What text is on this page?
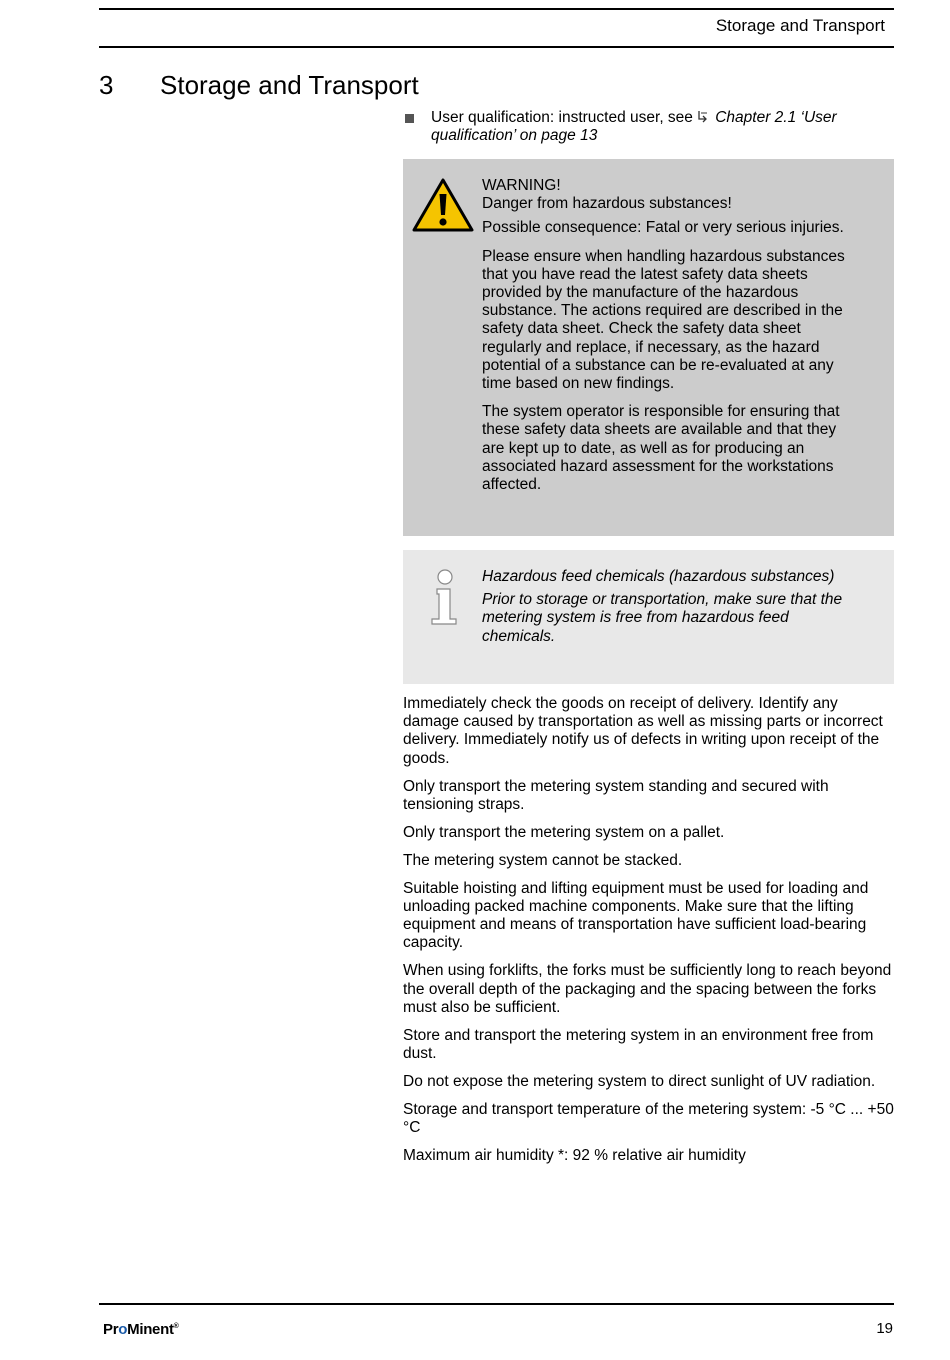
Storage and Transport
3 Storage and Transport
User qualification: instructed user, see Chapter 2.1 ‘User qualification’ on page 13

WARNING!
Danger from hazardous substances!

Possible consequence: Fatal or very serious injuries.

Please ensure when handling hazardous substances that you have read the latest safety data sheets provided by the manufacture of the hazardous substance. The actions required are described in the safety data sheet. Check the safety data sheet regularly and replace, if necessary, as the hazard potential of a substance can be re-evaluated at any time based on new findings.

The system operator is responsible for ensuring that these safety data sheets are available and that they are kept up to date, as well as for producing an associated hazard assessment for the workstations affected.

Hazardous feed chemicals (hazardous substances)

Prior to storage or transportation, make sure that the metering system is free from hazardous feed chemicals.

Immediately check the goods on receipt of delivery. Identify any damage caused by transportation as well as missing parts or incorrect delivery. Immediately notify us of defects in writing upon receipt of the goods.

Only transport the metering system standing and secured with tensioning straps.

Only transport the metering system on a pallet.

The metering system cannot be stacked.

Suitable hoisting and lifting equipment must be used for loading and unloading packed machine components. Make sure that the lifting equipment and means of transportation have sufficient load-bearing capacity.

When using forklifts, the forks must be sufficiently long to reach beyond the overall depth of the packaging and the spacing between the forks must also be sufficient.

Store and transport the metering system in an environment free from dust.

Do not expose the metering system to direct sunlight of UV radiation.

Storage and transport temperature of the metering system: -5 °C ... +50 °C

Maximum air humidity *: 92 % relative air humidity

ProMinent®	19
